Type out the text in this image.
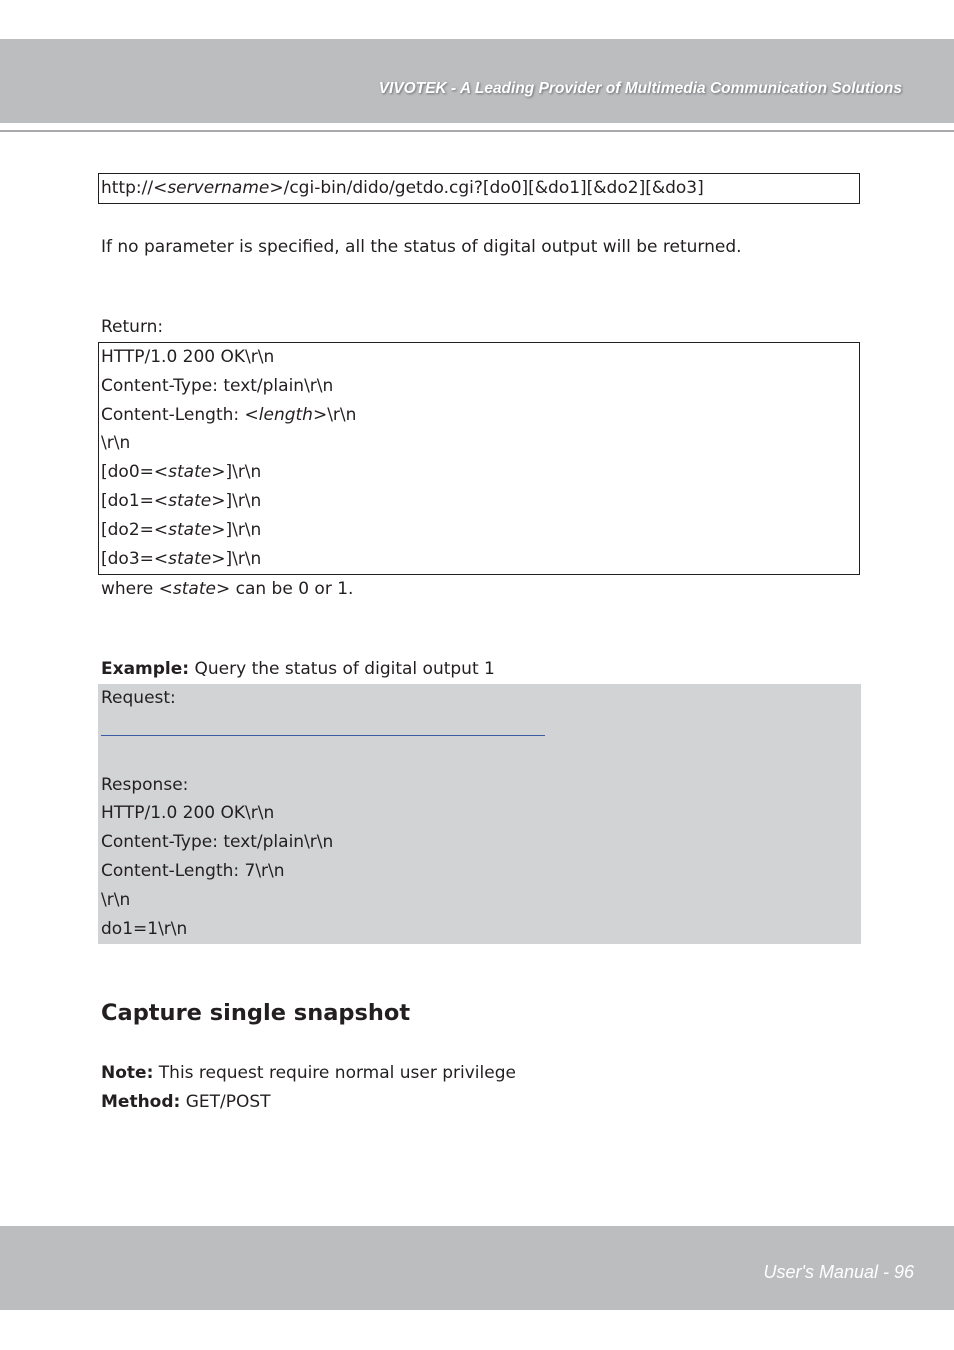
VIVOTEK - A Leading Provider of Multimedia Communication Solutions
http://<servername>/cgi-bin/dido/getdo.cgi?[do0][&do1][&do2][&do3]
If no parameter is specified, all the status of digital output will be returned.
Return:
HTTP/1.0 200 OK\r\n
Content-Type: text/plain\r\n
Content-Length: <length>\r\n
\r\n
[do0=<state>]\r\n
[do1=<state>]\r\n
[do2=<state>]\r\n
[do3=<state>]\r\n
where <state> can be 0 or 1.
Example: Query the status of digital output 1
Request:
Response:
HTTP/1.0 200 OK\r\n
Content-Type: text/plain\r\n
Content-Length: 7\r\n
\r\n
do1=1\r\n
Capture single snapshot
Note: This request require normal user privilege
Method: GET/POST
User's Manual - 96
